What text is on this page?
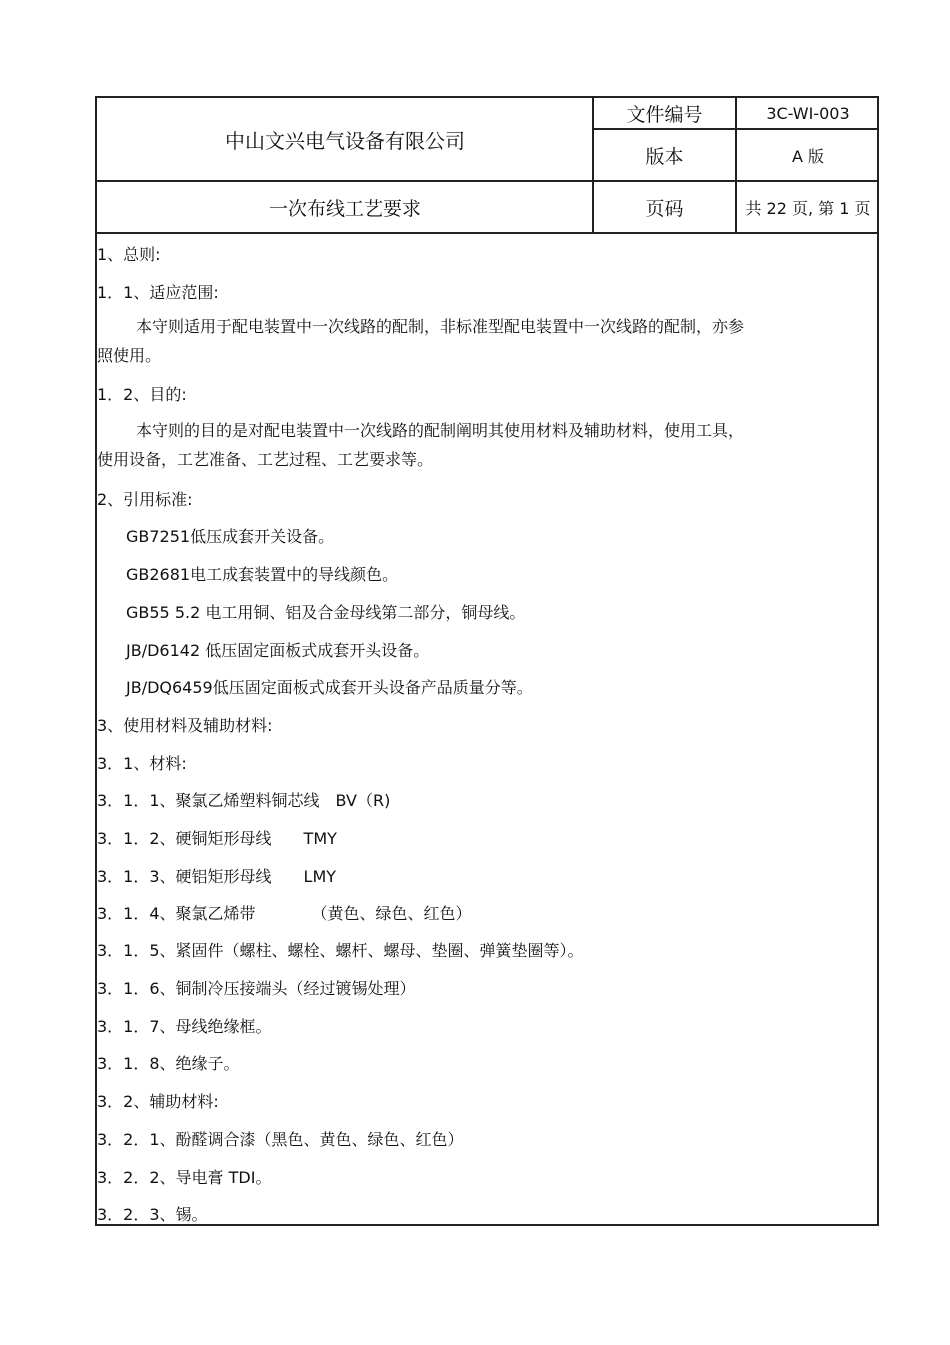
中山文兴电气设备有限公司
一次布线工艺要求
文件编号	3C-WI-003
版本	A 版
页码	共 22 页, 第 1 页
1、总则:
1．1、适应范围:
本守则适用于配电装置中一次线路的配制，非标准型配电装置中一次线路的配制，亦参
照使用。
1．2、目的:
本守则的目的是对配电装置中一次线路的配制阐明其使用材料及辅助材料，使用工具，
使用设备，工艺准备、工艺过程、工艺要求等。
2、引用标准:
GB7251低压成套开关设备。
GB2681电工成套装置中的导线颜色。
GB55 5.2 电工用铜、铝及合金母线第二部分，铜母线。
JB/D6142 低压固定面板式成套开头设备。
JB/DQ6459低压固定面板式成套开头设备产品质量分等。
3、使用材料及辅助材料:
3．1、材料:
3．1．1、聚氯乙烯塑料铜芯线　BV（R)
3．1．2、硬铜矩形母线　　TMY
3．1．3、硬铝矩形母线　　LMY
3．1．4、聚氯乙烯带　　　　（黄色、绿色、红色）
3．1．5、紧固件（螺柱、螺栓、螺杆、螺母、垫圈、弹簧垫圈等）。
3．1．6、铜制冷压接端头（经过镀锡处理）
3．1．7、母线绝缘框。
3．1．8、绝缘子。
3．2、辅助材料:
3．2．1、酚醛调合漆（黑色、黄色、绿色、红色）
3．2．2、导电膏 TDI。
3．2．3、锡。
